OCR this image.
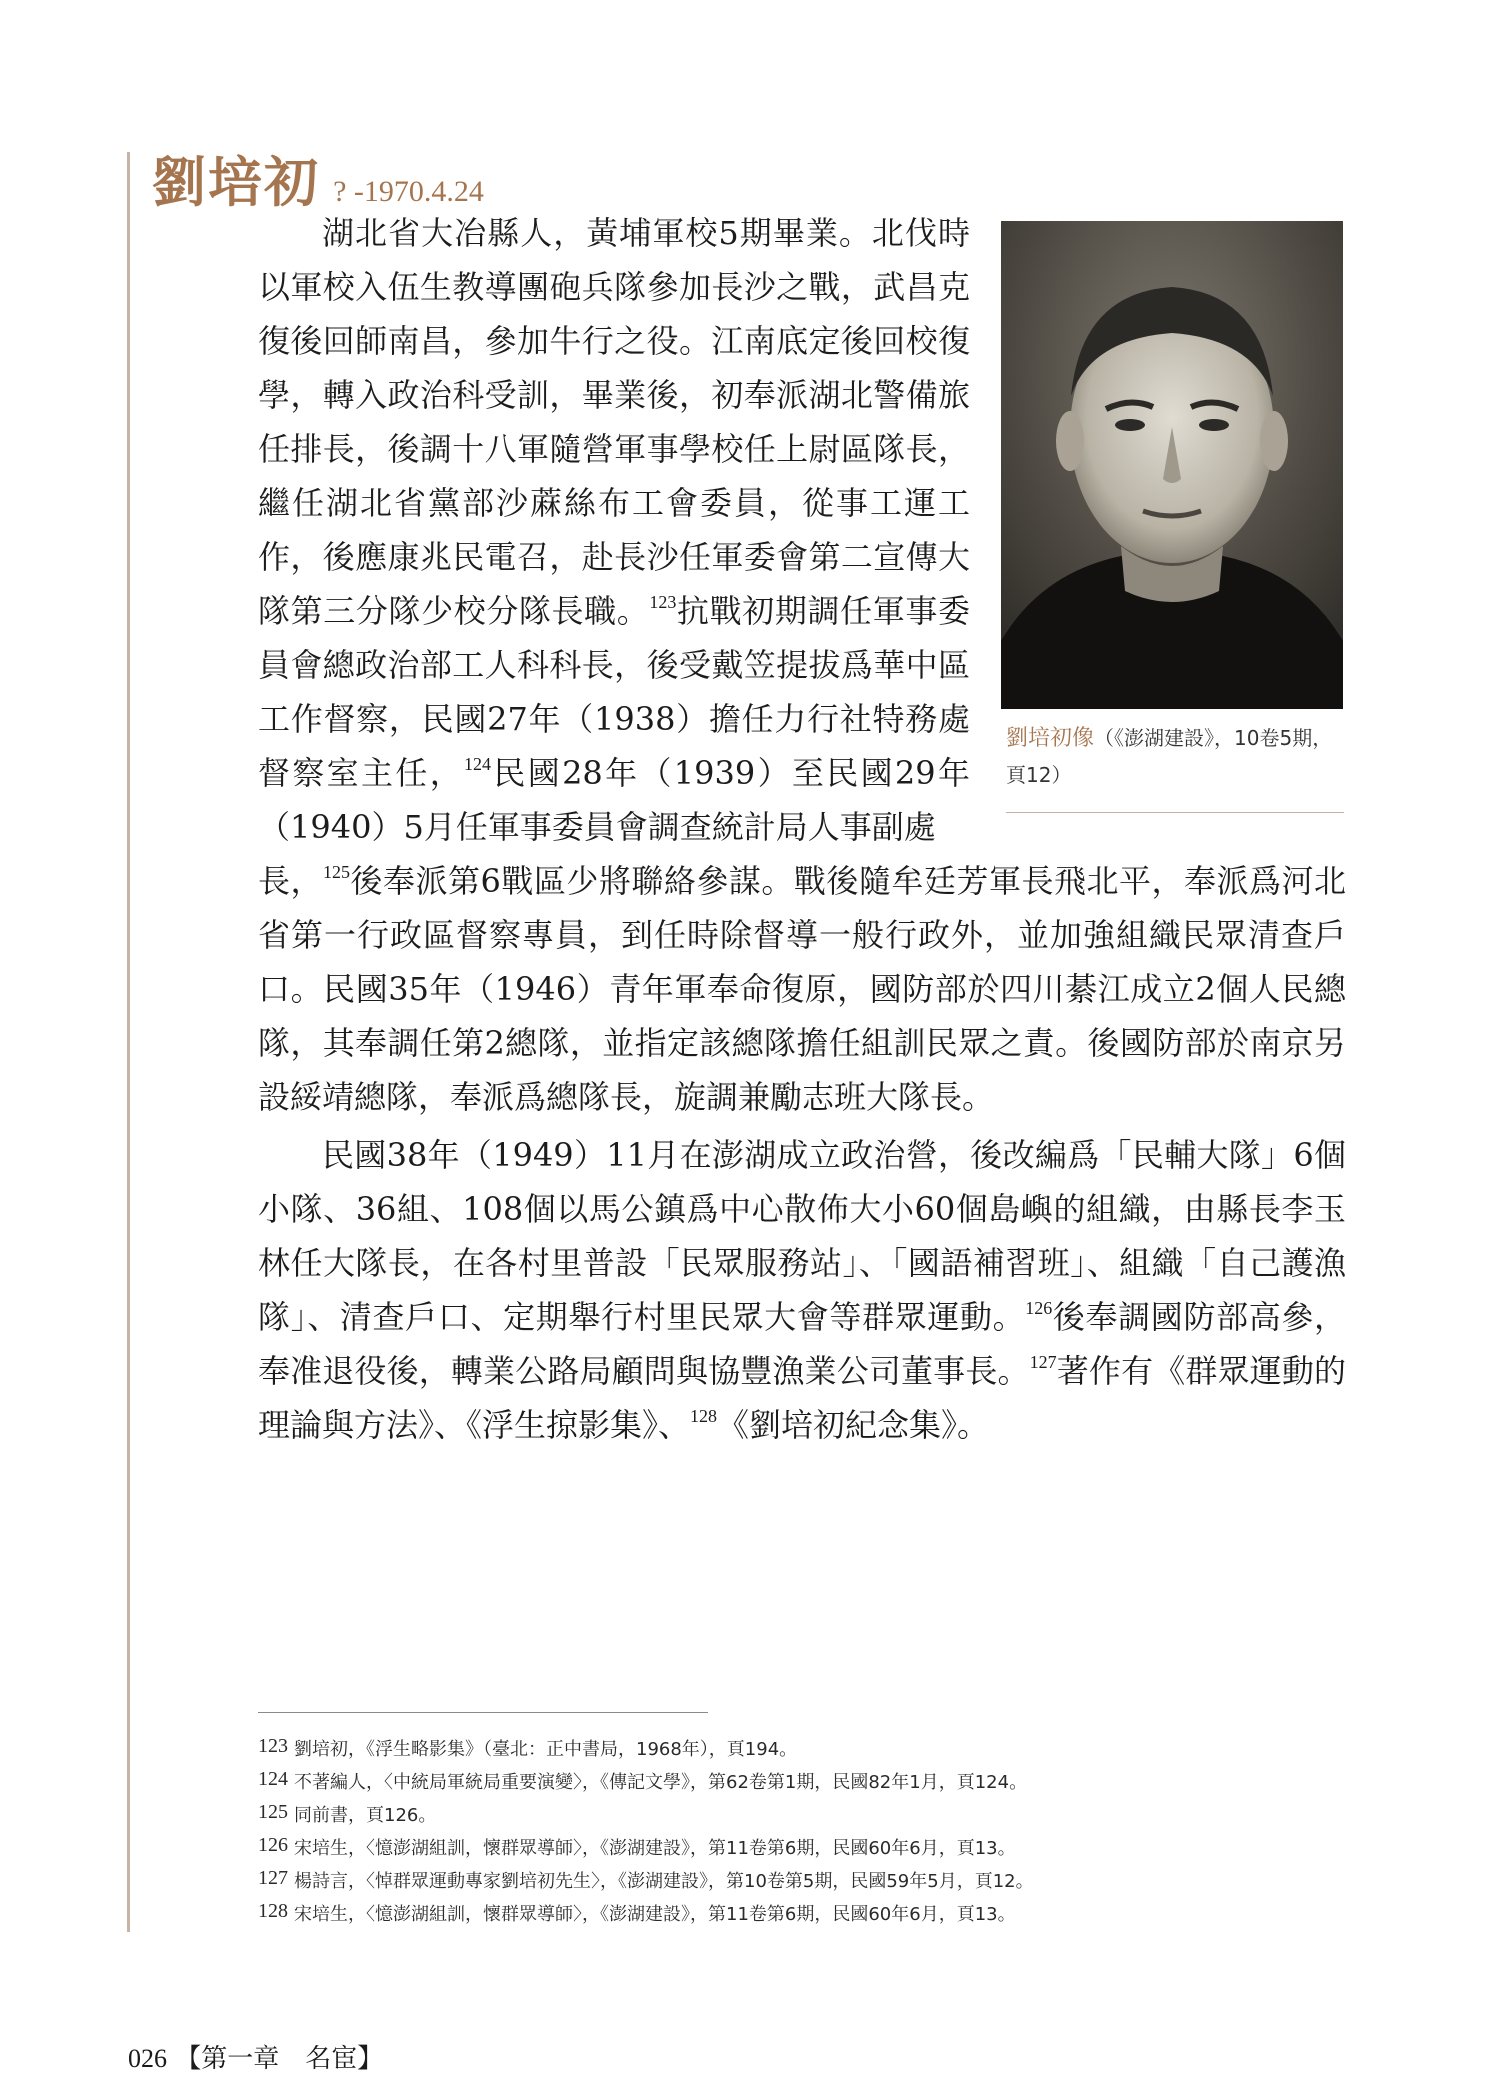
劉培初 ? -1970.4.24
湖北省大冶縣人，黃埔軍校5期畢業。北伐時以軍校入伍生教導團砲兵隊參加長沙之戰，武昌克復後回師南昌，參加牛行之役。江南底定後回校復學，轉入政治科受訓，畢業後，初奉派湖北警備旅任排長，後調十八軍隨營軍事學校任上尉區隊長，繼任湖北省黨部沙蔴絲布工會委員，從事工運工作，後應康兆民電召，赴長沙任軍委會第二宣傳大隊第三分隊少校分隊長職。$^{123}$抗戰初期調任軍事委員會總政治部工人科科長，後受戴笠提拔爲華中區工作督察，民國27年（1938）擔任力行社特務處督察室主任，$^{124}$民國28年（1939）至民國29年（1940）5月任軍事委員會調查統計局人事副處
長，$^{125}$後奉派第6戰區少將聯絡參謀。戰後隨牟廷芳軍長飛北平，奉派爲河北省第一行政區督察專員，到任時除督導一般行政外，並加強組織民眾清查戶口。民國35年（1946）青年軍奉命復原，國防部於四川綦江成立2個人民總隊，其奉調任第2總隊，並指定該總隊擔任組訓民眾之責。後國防部於南京另設綏靖總隊，奉派爲總隊長，旋調兼勵志班大隊長。
民國38年（1949）11月在澎湖成立政治營，後改編爲「民輔大隊」6個小隊、36組、108個以馬公鎮爲中心散佈大小60個島嶼的組織，由縣長李玉林任大隊長，在各村里普設「民眾服務站」、「國語補習班」、組織「自己護漁隊」、清查戶口、定期舉行村里民眾大會等群眾運動。$^{126}$後奉調國防部高參，奉准退役後，轉業公路局顧問與協豐漁業公司董事長。$^{127}$著作有《群眾運動的理論與方法》、《浮生掠影集》、$^{128}$《劉培初紀念集》。
劉培初像（《澎湖建設》，10卷5期，頁12）
123 劉培初，《浮生略影集》（臺北：正中書局，1968年），頁194。
124 不著編人，〈中統局軍統局重要演變〉，《傳記文學》，第62卷第1期，民國82年1月，頁124。
125 同前書，頁126。
126 宋培生，〈憶澎湖組訓，懷群眾導師〉，《澎湖建設》，第11卷第6期，民國60年6月，頁13。
127 楊詩言，〈悼群眾運動專家劉培初先生〉，《澎湖建設》，第10卷第5期，民國59年5月，頁12。
128 宋培生，〈憶澎湖組訓，懷群眾導師〉，《澎湖建設》，第11卷第6期，民國60年6月，頁13。
026 【第一章　名宦】
